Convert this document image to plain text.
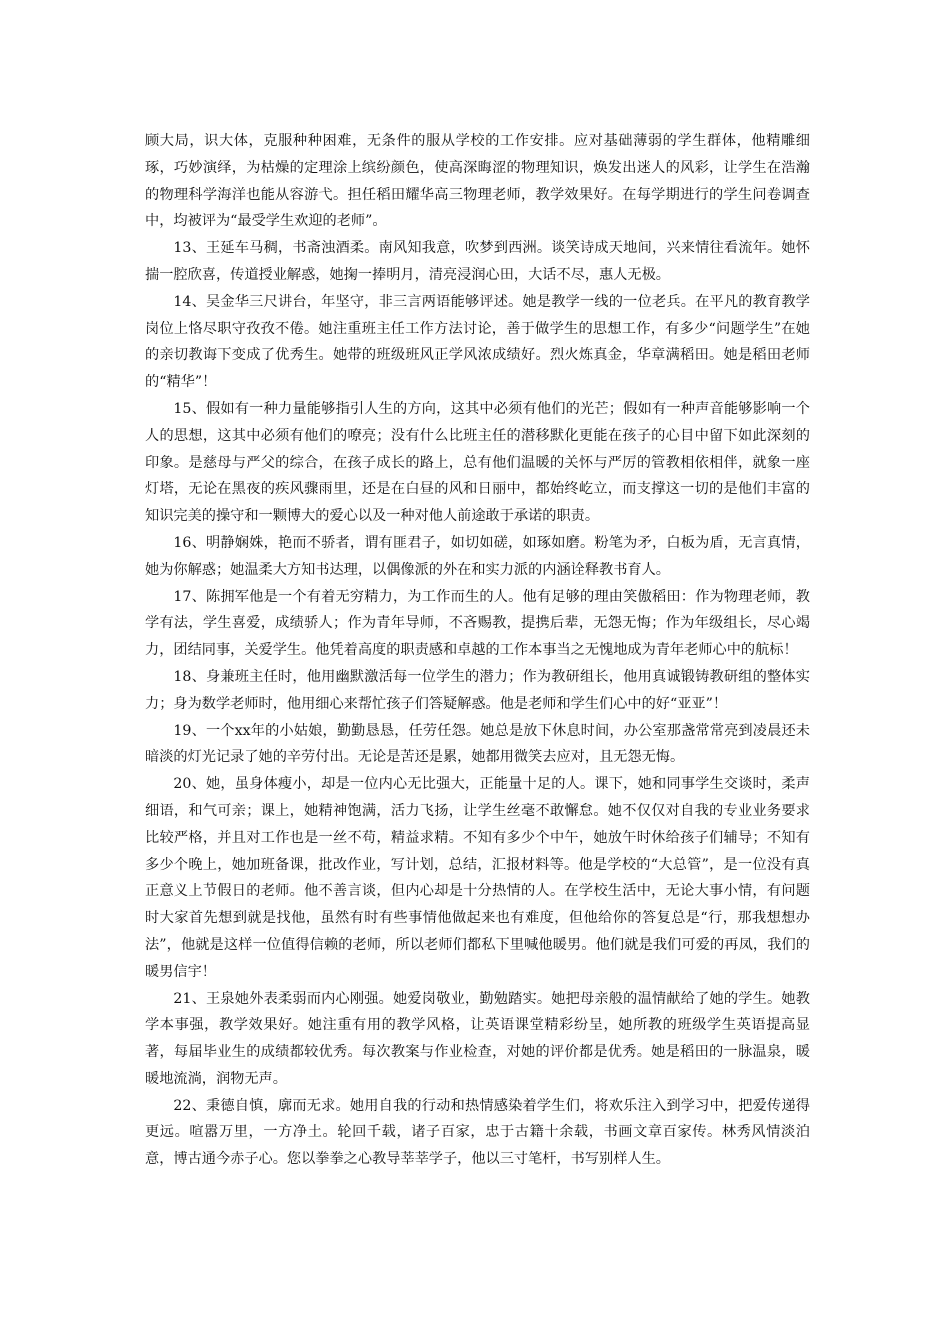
顾大局，识大体，克服种种困难，无条件的服从学校的工作安排。应对基础薄弱的学生群体，他精雕细琢，巧妙演绎，为枯燥的定理涂上缤纷颜色，使高深晦涩的物理知识，焕发出迷人的风彩，让学生在浩瀚的物理科学海洋也能从容游弋。担任稻田耀华高三物理老师，教学效果好。在每学期进行的学生问卷调查中，均被评为“最受学生欢迎的老师”。

13、王延车马稠，书斋浊酒柔。南风知我意，吹梦到西洲。谈笑诗成天地间，兴来情往看流年。她怀揣一腔欣喜，传道授业解惑，她掬一捧明月，清亮浸润心田，大话不尽，惠人无极。

14、吴金华三尺讲台，年坚守，非三言两语能够评述。她是教学一线的一位老兵。在平凡的教育教学岗位上恪尽职守孜孜不倦。她注重班主任工作方法讨论，善于做学生的思想工作，有多少“问题学生”在她的亲切教诲下变成了优秀生。她带的班级班风正学风浓成绩好。烈火炼真金，华章满稻田。她是稻田老师的“精华”！

15、假如有一种力量能够指引人生的方向，这其中必须有他们的光芒；假如有一种声音能够影响一个人的思想，这其中必须有他们的嘹亮；没有什么比班主任的潜移默化更能在孩子的心目中留下如此深刻的印象。是慈母与严父的综合，在孩子成长的路上，总有他们温暖的关怀与严厉的管教相依相伴，就象一座灯塔，无论在黑夜的疾风骤雨里，还是在白昼的风和日丽中，都始终屹立，而支撑这一切的是他们丰富的知识完美的操守和一颗博大的爱心以及一种对他人前途敢于承诺的职责。

16、明静娴姝，艳而不骄者，谓有匪君子，如切如磋，如琢如磨。粉笔为矛，白板为盾，无言真情，她为你解惑；她温柔大方知书达理，以偶像派的外在和实力派的内涵诠释教书育人。

17、陈拥军他是一个有着无穷精力，为工作而生的人。他有足够的理由笑傲稻田：作为物理老师，教学有法，学生喜爱，成绩骄人；作为青年导师，不吝赐教，提携后辈，无怨无悔；作为年级组长，尽心竭力，团结同事，关爱学生。他凭着高度的职责感和卓越的工作本事当之无愧地成为青年老师心中的航标！

18、身兼班主任时，他用幽默激活每一位学生的潜力；作为教研组长，他用真诚锻铸教研组的整体实力；身为数学老师时，他用细心来帮忙孩子们答疑解惑。他是老师和学生们心中的好“亚亚”！

19、一个xx年的小姑娘，勤勤恳恳，任劳任怨。她总是放下休息时间，办公室那盏常常亮到凌晨还未暗淡的灯光记录了她的辛劳付出。无论是苦还是累，她都用微笑去应对，且无怨无悔。

20、她，虽身体瘦小，却是一位内心无比强大，正能量十足的人。课下，她和同事学生交谈时，柔声细语，和气可亲；课上，她精神饱满，活力飞扬，让学生丝毫不敢懈怠。她不仅仅对自我的专业业务要求比较严格，并且对工作也是一丝不苟，精益求精。不知有多少个中午，她放午时休给孩子们辅导；不知有多少个晚上，她加班备课，批改作业，写计划，总结，汇报材料等。他是学校的“大总管”，是一位没有真正意义上节假日的老师。他不善言谈，但内心却是十分热情的人。在学校生活中，无论大事小情，有问题时大家首先想到就是找他，虽然有时有些事情他做起来也有难度，但他给你的答复总是“行，那我想想办法”，他就是这样一位值得信赖的老师，所以老师们都私下里喊他暖男。他们就是我们可爱的再凤，我们的暖男信宇！

21、王泉她外表柔弱而内心刚强。她爱岗敬业，勤勉踏实。她把母亲般的温情献给了她的学生。她教学本事强，教学效果好。她注重有用的教学风格，让英语课堂精彩纷呈，她所教的班级学生英语提高显著，每届毕业生的成绩都较优秀。每次教案与作业检查，对她的评价都是优秀。她是稻田的一脉温泉，暖暖地流淌，润物无声。

22、秉德自慎，廓而无求。她用自我的行动和热情感染着学生们，将欢乐注入到学习中，把爱传递得更远。喧嚣万里，一方净土。轮回千载，诸子百家，忠于古籍十余载，书画文章百家传。林秀风情淡泊意，博古通今赤子心。您以拳拳之心教导莘莘学子，他以三寸笔杆，书写别样人生。
